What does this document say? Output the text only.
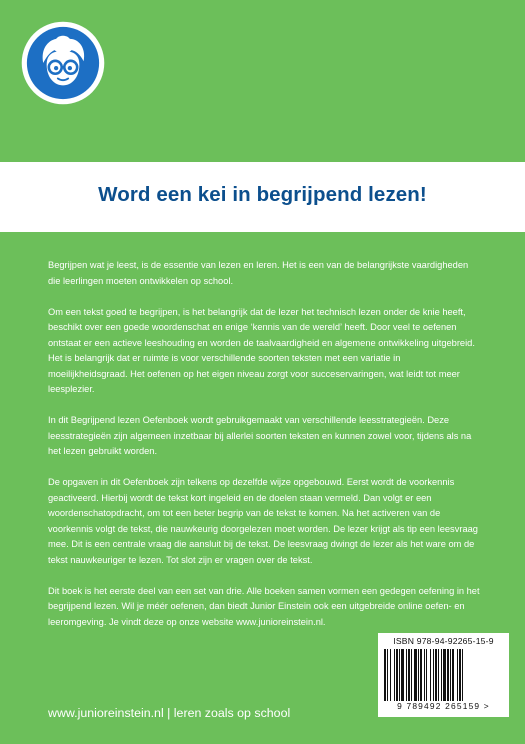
Word een kei in begrijpend lezen!

Begrijpen wat je leest, is de essentie van lezen en leren. Het is een van de belangrijkste vaardigheden die leerlingen moeten ontwikkelen op school.

Om een tekst goed te begrijpen, is het belangrijk dat de lezer het technisch lezen onder de knie heeft, beschikt over een goede woordenschat en enige ‘kennis van de wereld’ heeft. Door veel te oefenen ontstaat er een actieve leeshouding en worden de taalvaardigheid en algemene ontwikkeling uitgebreid. Het is belangrijk dat er ruimte is voor verschillende soorten teksten met een variatie in moeilijkheidsgraad. Het oefenen op het eigen niveau zorgt voor succeservaringen, wat leidt tot meer leesplezier.

In dit Begrijpend lezen Oefenboek wordt gebruikgemaakt van verschillende leesstrategieën. Deze leesstrategieën zijn algemeen inzetbaar bij allerlei soorten teksten en kunnen zowel voor, tijdens als na het lezen gebruikt worden.

De opgaven in dit Oefenboek zijn telkens op dezelfde wijze opgebouwd. Eerst wordt de voorkennis geactiveerd. Hierbij wordt de tekst kort ingeleid en de doelen staan vermeld. Dan volgt er een woordenschatopdracht, om tot een beter begrip van de tekst te komen. Na het activeren van de voorkennis volgt de tekst, die nauwkeurig doorgelezen moet worden. De lezer krijgt als tip een leesvraag mee. Dit is een centrale vraag die aansluit bij de tekst. De leesvraag dwingt de lezer als het ware om de tekst nauwkeuriger te lezen. Tot slot zijn er vragen over de tekst.

Dit boek is het eerste deel van een set van drie. Alle boeken samen vormen een gedegen oefening in het begrijpend lezen. Wil je méér oefenen, dan biedt Junior Einstein ook een uitgebreide online oefen- en leeromgeving. Je vindt deze op onze website www.junioreinstein.nl.

ISBN 978-94-92265-15-9
9 789492 265159 >
www.junioreinstein.nl | leren zoals op school
